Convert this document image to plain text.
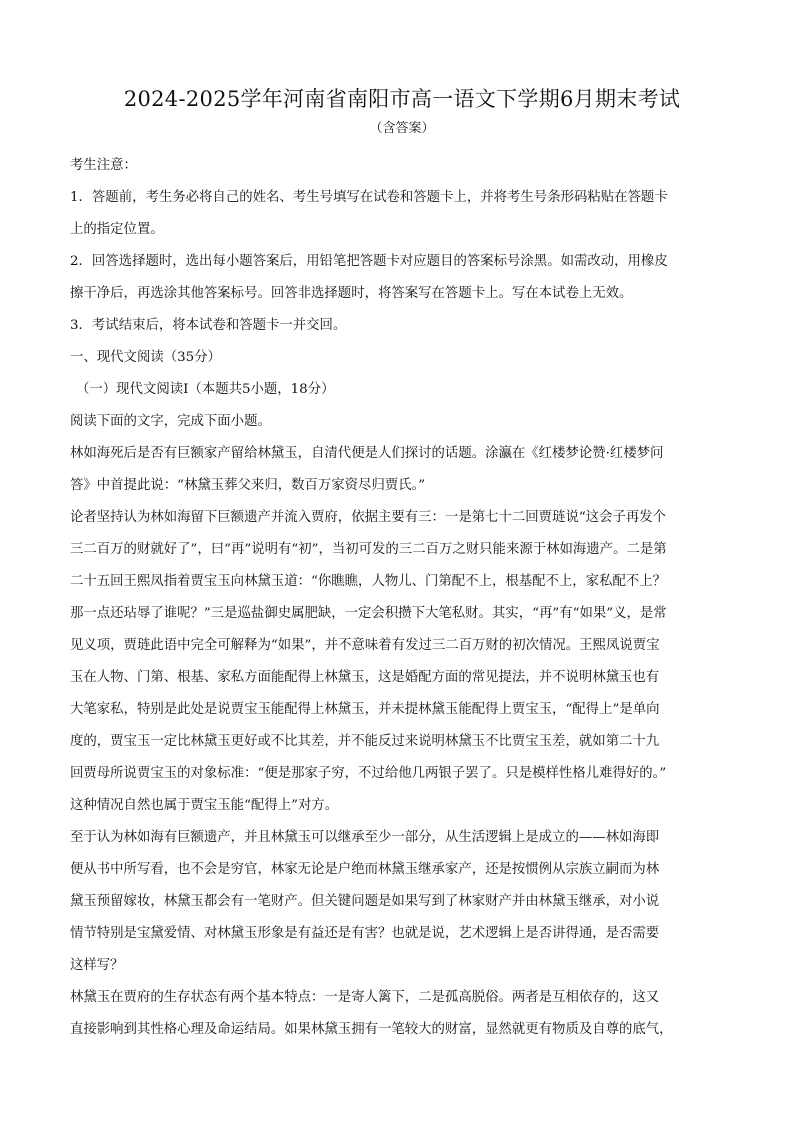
2024-2025学年河南省南阳市高一语文下学期6月期末考试
（含答案）

考生注意：

1．答题前，考生务必将自己的姓名、考生号填写在试卷和答题卡上，并将考生号条形码粘贴在答题卡

上的指定位置。

2．回答选择题时，选出每小题答案后，用铅笔把答题卡对应题目的答案标号涂黑。如需改动，用橡皮

擦干净后，再选涂其他答案标号。回答非选择题时，将答案写在答题卡上。写在本试卷上无效。

3．考试结束后，将本试卷和答题卡一并交回。

一、现代文阅读（35分）

（一）现代文阅读Ⅰ（本题共5小题，18分）

阅读下面的文字，完成下面小题。

林如海死后是否有巨额家产留给林黛玉，自清代便是人们探讨的话题。涂瀛在《红楼梦论赞·红楼梦问

答》中首提此说：“林黛玉葬父来归，数百万家资尽归贾氏。”

论者坚持认为林如海留下巨额遗产并流入贾府，依据主要有三：一是第七十二回贾琏说“这会子再发个

三二百万的财就好了”，曰“再”说明有“初”，当初可发的三二百万之财只能来源于林如海遗产。二是第

二十五回王熙凤指着贾宝玉向林黛玉道：“你瞧瞧，人物儿、门第配不上，根基配不上，家私配不上？

那一点还玷辱了谁呢？”三是巡盐御史属肥缺，一定会积攒下大笔私财。其实，“再”有“如果”义，是常

见义项，贾琏此语中完全可解释为“如果”，并不意味着有发过三二百万财的初次情况。王熙凤说贾宝

玉在人物、门第、根基、家私方面能配得上林黛玉，这是婚配方面的常见提法，并不说明林黛玉也有

大笔家私，特别是此处是说贾宝玉能配得上林黛玉，并未提林黛玉能配得上贾宝玉，“配得上”是单向

度的，贾宝玉一定比林黛玉更好或不比其差，并不能反过来说明林黛玉不比贾宝玉差，就如第二十九

回贾母所说贾宝玉的对象标准：“便是那家子穷，不过给他几两银子罢了。只是模样性格儿难得好的。”

这种情况自然也属于贾宝玉能“配得上”对方。

至于认为林如海有巨额遗产，并且林黛玉可以继承至少一部分，从生活逻辑上是成立的——林如海即

便从书中所写看，也不会是穷官，林家无论是户绝而林黛玉继承家产，还是按惯例从宗族立嗣而为林

黛玉预留嫁妆，林黛玉都会有一笔财产。但关键问题是如果写到了林家财产并由林黛玉继承，对小说

情节特别是宝黛爱情、对林黛玉形象是有益还是有害？也就是说，艺术逻辑上是否讲得通，是否需要

这样写？

林黛玉在贾府的生存状态有两个基本特点：一是寄人篱下，二是孤高脱俗。两者是互相依存的，这又

直接影响到其性格心理及命运结局。如果林黛玉拥有一笔较大的财富，显然就更有物质及自尊的底气，
